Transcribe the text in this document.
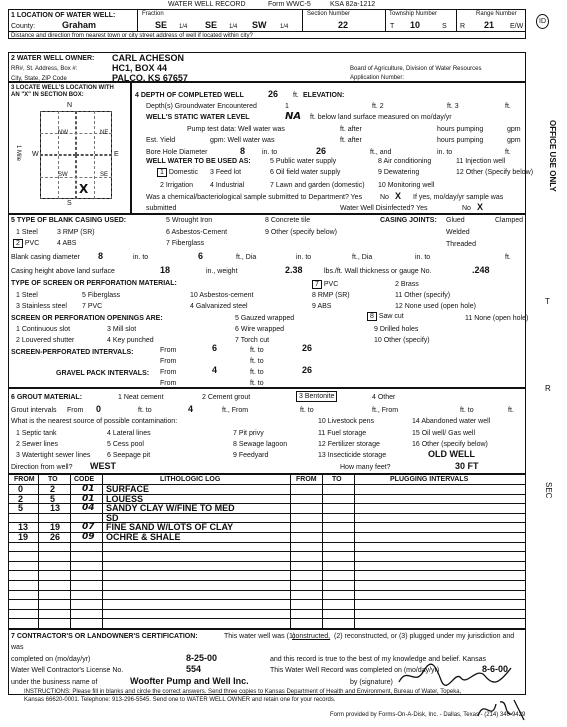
WATER WELL RECORD	Form WWC-5	KSA 82a-1212
ID
1 LOCATION OF WATER WELL:
County:	Graham
Fraction
SE 1/4 SE 1/4 SW 1/4
Section Number
22
Township Number
T 10	S
Range Number
R 21 E/W
Distance and direction from nearest town or city street address of well if located within city?
2 WATER WELL OWNER: CARL ACHESON
RR#, St. Address, Box #:	HC1, BOX 44
City, State, ZIP Code	PALCO, KS 67657
Board of Agriculture, Division of Water Resources
Application Number:
3 LOCATE WELL'S LOCATION WITH AN "X" IN SECTION BOX:
N
S
W	E
1 Mile
NW	NE
SW	SE
X
4 DEPTH OF COMPLETED WELL	26 ft. ELEVATION:
Depth(s) Groundwater Encountered	1	ft. 2	ft. 3	ft.
WELL'S STATIC WATER LEVEL	NA ft. below land surface measured on mo/day/yr
Pump test data: Well water was	ft. after	hours pumping	gpm
Est. Yield	gpm: Well water was	ft. after	hours pumping	gpm
Bore Hole Diameter	8 in. to	26	ft., and	in. to	ft.
WELL WATER TO BE USED AS:	5 Public water supply	8 Air conditioning	11 Injection well
1 Domestic 3 Feed lot	6 Oil field water supply	9 Dewatering	12 Other (Specify below)
2 Irrigation 4 Industrial	7 Lawn and garden (domestic) 10 Monitoring well
Was a chemical/bacteriological sample submitted to Department? Yes	No X If yes, mo/day/yr sample was
submitted	Water Well Disinfected? Yes	No X
5 TYPE OF BLANK CASING USED:
1 Steel	3 RMP (SR)
2 PVC	4 ABS
5 Wrought Iron
6 Asbestos-Cement
7 Fiberglass
8 Concrete tile
9 Other (specify below)
CASING JOINTS: Glued	Clamped
Welded
Threaded
Blank casing diameter 8	in. to	6	ft., Dia	in. to	ft., Dia	in. to	ft.
Casing height above land surface	18	in., weight	2.38	lbs./ft. Wall thickness or gauge No.	.248
TYPE OF SCREEN OR PERFORATION MATERIAL:
1 Steel	5 Fiberglass	10 Asbestos-cement
7 PVC	2 Brass
3 Stainless steel 7 PVC	4 Galvanized steel
8 RMP (SR)	11 Other (specify)
9 ABS	12 None used (open hole)
SCREEN OR PERFORATION OPENINGS ARE:	5 Gauzed wrapped	8 Saw cut	11 None (open hole)
1 Continuous slot	3 Mill slot	6 Wire wrapped	9 Drilled holes
2 Louvered shutter	4 Key punched	7 Torch cut	10 Other (specify)
SCREEN-PERFORATED INTERVALS:	From	6	ft. to	26
From	ft. to
GRAVEL PACK INTERVALS: From	4	ft. to	26
From	ft. to
6 GROUT MATERIAL:	1 Neat cement	2 Cement grout	3 Bentonite	4 Other
Grout intervals From 0	ft. to	4	ft., From	ft. to	ft., From	ft. to	ft.
What is the nearest source of possible contamination:	10 Livestock pens	14 Abandoned water well
1 Septic tank	4 Lateral lines	7 Pit privy	11 Fuel storage	15 Oil well/ Gas well
2 Sewer lines	5 Cess pool	8 Sewage lagoon	12 Fertilizer storage	16 Other (specify below)
3 Watertight sewer lines 6 Seepage pit	9 Feedyard	13 Insecticide storage	OLD WELL
Direction from well? WEST	How many feet?	30 FT
FROM TO CODE	LITHOLOGIC LOG	FROM TO	PLUGGING INTERVALS
0	2	01 SURFACE
2	5	01 LOUESS
5	13 04 SANDY CLAY W/FINE TO MED
SD
13 19 07 FINE SAND W/LOTS OF CLAY
19 26 09 OCHRE & SHALE
7 CONTRACTOR'S OR LANDOWNER'S CERTIFICATION:	This water well was (1)
constructed, (2) reconstructed, or (3) plugged under my jurisdiction and
was
completed on (mo/day/yr)	8-25-00	and this record is true to the best of my knowledge and belief. Kansas
Water Well Contractor's License No.	554	This Water Well Record was completed on (mo/day/yr)	8-6-00
under the business name of	Woofter Pump and Well Inc.	by (signature)
INSTRUCTIONS: Please fill in blanks and circle the correct answers. Send three copies to Kansas Department of Health and Environment, Bureau of Water, Topeka,
Kansas 66620-0001. Telephone: 913-296-5545. Send one to WATER WELL OWNER and retain one for your records.
Form provided by Forms-On-A-Disk, Inc. - Dallas, Texas - (214) 340-9429
OFFICE USE ONLY
T
R
SEC
